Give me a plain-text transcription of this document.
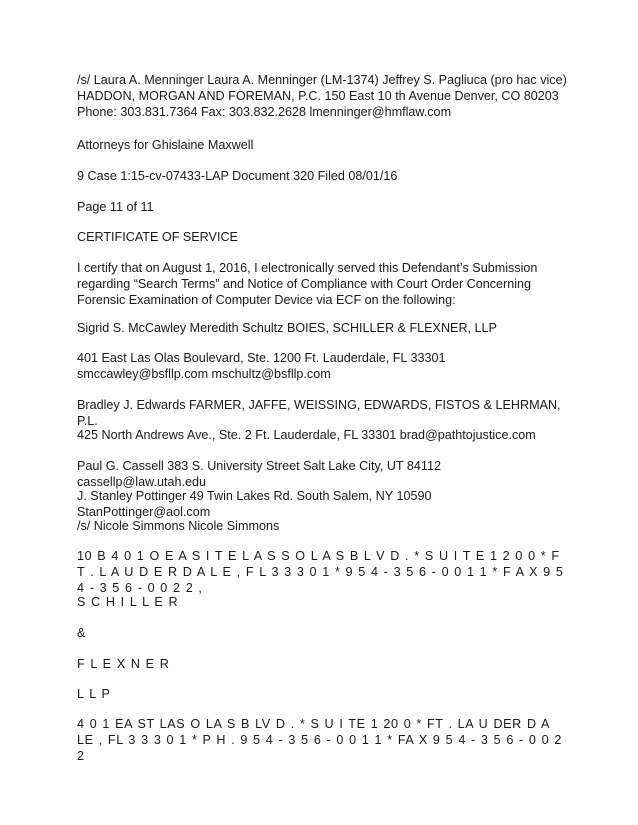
/s/ Laura A. Menninger Laura A. Menninger (LM-1374) Jeffrey S. Pagliuca (pro hac vice) HADDON, MORGAN AND FOREMAN, P.C. 150 East 10 th Avenue Denver, CO 80203 Phone: 303.831.7364 Fax: 303.832.2628 lmenninger@hmflaw.com

Attorneys for Ghislaine Maxwell

9 Case 1:15-cv-07433-LAP Document 320 Filed 08/01/16

Page 11 of 11

CERTIFICATE OF SERVICE

I certify that on August 1, 2016, I electronically served this Defendant’s Submission regarding “Search Terms” and Notice of Compliance with Court Order Concerning Forensic Examination of Computer Device via ECF on the following:

Sigrid S. McCawley Meredith Schultz BOIES, SCHILLER & FLEXNER, LLP

401 East Las Olas Boulevard, Ste. 1200 Ft. Lauderdale, FL 33301 smccawley@bsfllp.com mschultz@bsfllp.com

Bradley J. Edwards FARMER, JAFFE, WEISSING, EDWARDS, FISTOS & LEHRMAN, P.L.

425 North Andrews Ave., Ste. 2 Ft. Lauderdale, FL 33301 brad@pathtojustice.com

Paul G. Cassell 383 S. University Street Salt Lake City, UT 84112 cassellp@law.utah.edu

J. Stanley Pottinger 49 Twin Lakes Rd. South Salem, NY 10590 StanPottinger@aol.com

/s/ Nicole Simmons Nicole Simmons

10 B 4 0 1 O E A S I T E L A S S O L A S B L V D . * S U I T E 1 2 0 0 * F T . L A U D E R D A L E , F L 3 3 3 0 1 * 9 5 4 - 3 5 6 - 0 0 1 1 * F A X 9 5 4 - 3 5 6 - 0 0 2 2 ,

S C H I L L E R

&

F L E X N E R

L L P

4 0 1 EA ST LAS O LA S B LV D . * S U I TE 1 20 0 * FT . LA U DER D A LE , FL 3 3 3 0 1 * P H . 9 5 4 - 3 5 6 - 0 0 1 1 * FA X 9 5 4 - 3 5 6 - 0 0 2 2
